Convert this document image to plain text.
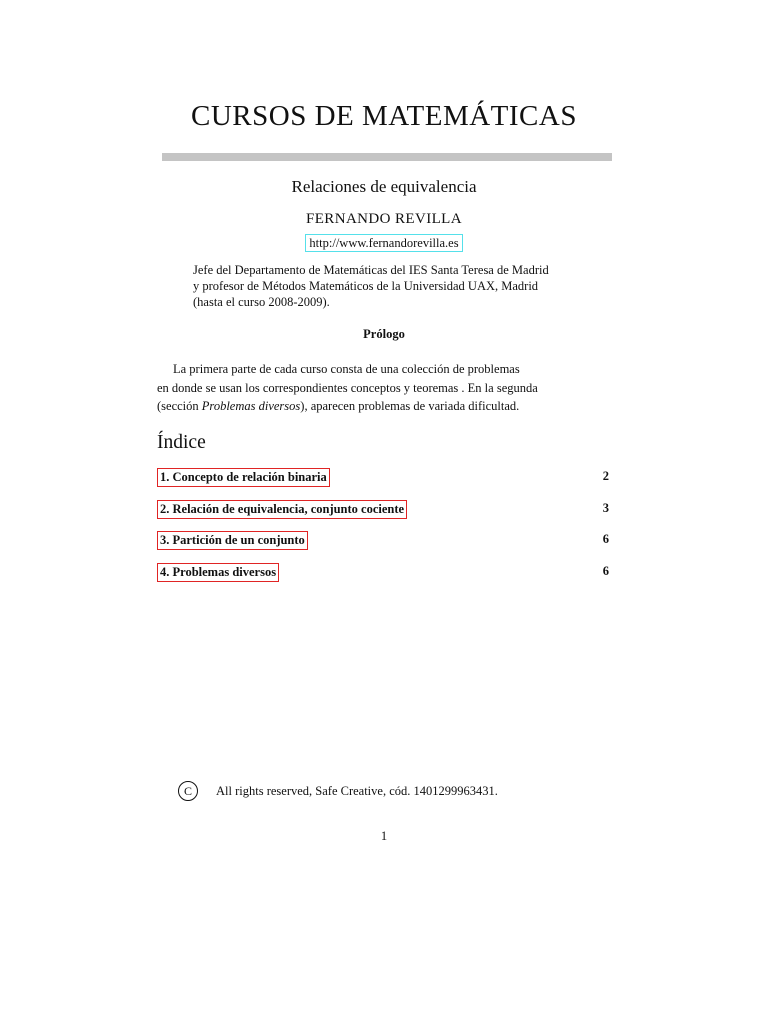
CURSOS DE MATEMÁTICAS
Relaciones de equivalencia
FERNANDO REVILLA
http://www.fernandorevilla.es
Jefe del Departamento de Matemáticas del IES Santa Teresa de Madrid
y profesor de Métodos Matemáticos de la Universidad UAX, Madrid
(hasta el curso 2008-2009).
Prólogo
La primera parte de cada curso consta de una colección de problemas
en donde se usan los correspondientes conceptos y teoremas . En la segunda
(sección Problemas diversos), aparecen problemas de variada dificultad.
Índice
1. Concepto de relación binaria	2
2. Relación de equivalencia, conjunto cociente	3
3. Partición de un conjunto	6
4. Problemas diversos	6
C	All rights reserved, Safe Creative, cód. 1401299963431.
1
